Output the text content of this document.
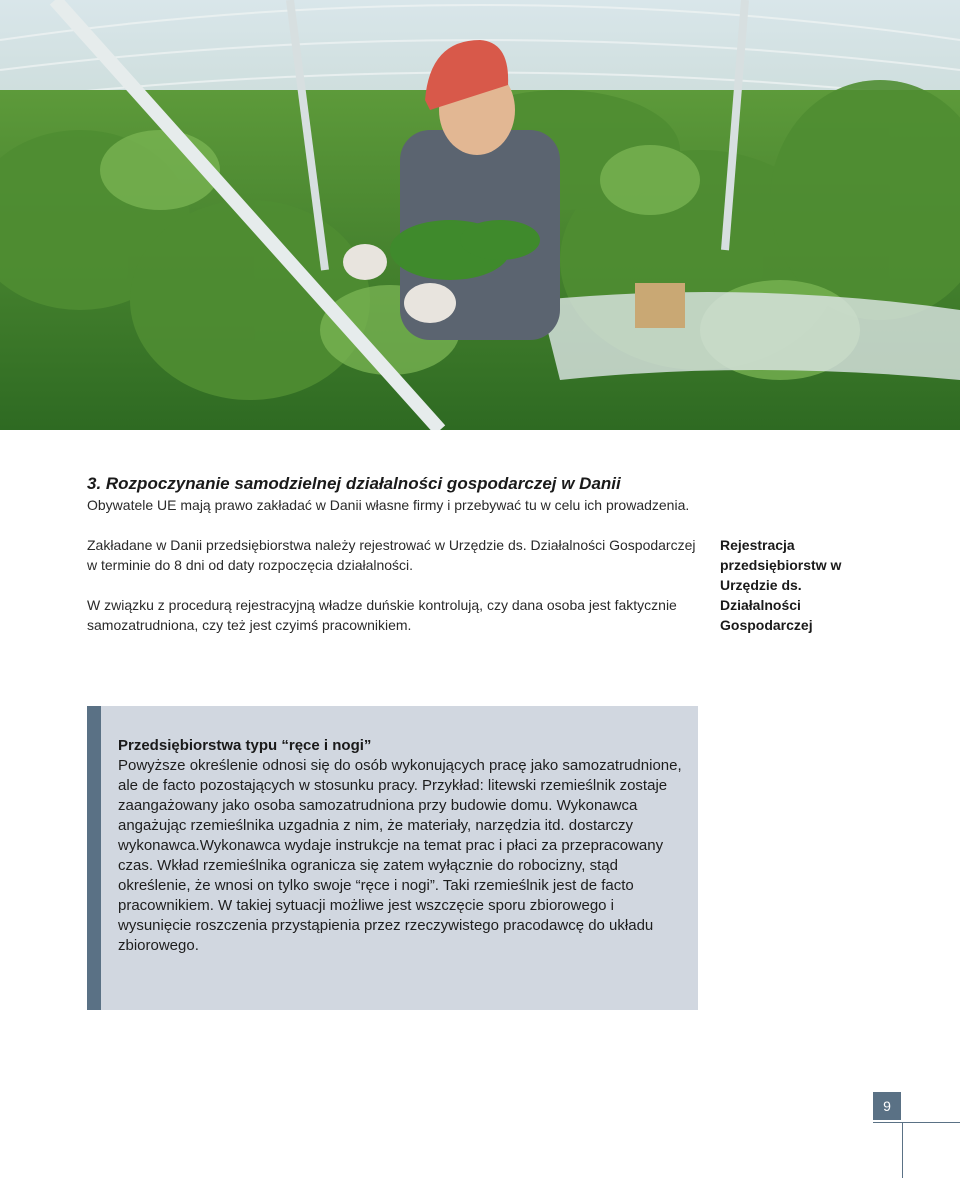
3. Rozpoczynanie samodzielnej działalności gospodarczej w Danii

Obywatele UE mają prawo zakładać w Danii własne firmy i przebywać tu w celu ich prowadzenia.

Zakładane w Danii przedsiębiorstwa należy rejestrować w Urzędzie ds. Działalności Gospodarczej w terminie do 8 dni od daty rozpoczęcia działalności.

W związku z procedurą rejestracyjną władze duńskie kontrolują, czy dana osoba jest faktycznie samozatrudniona, czy też jest czyimś pracownikiem.

Rejestracja przedsiębiorstw w Urzędzie ds. Działalności Gospodarczej

Przedsiębiorstwa typu “ręce i nogi”

Powyższe określenie odnosi się do osób wykonujących pracę jako samozatrudnione, ale de facto pozostających w stosunku pracy. Przykład: litewski rzemieślnik zostaje zaangażowany jako osoba samozatrudniona przy budowie domu. Wykonawca angażując rzemieślnika uzgadnia z nim, że materiały, narzędzia itd. dostarczy wykonawca.Wykonawca wydaje instrukcje na temat prac i płaci za przepracowany czas. Wkład rzemieślnika ogranicza się zatem wyłącznie do robocizny, stąd określenie, że wnosi on tylko swoje “ręce i nogi”. Taki rzemieślnik jest de facto pracownikiem. W takiej sytuacji możliwe jest wszczęcie sporu zbiorowego i wysunięcie roszczenia przystąpienia przez rzeczywistego pracodawcę do układu zbiorowego.

9
